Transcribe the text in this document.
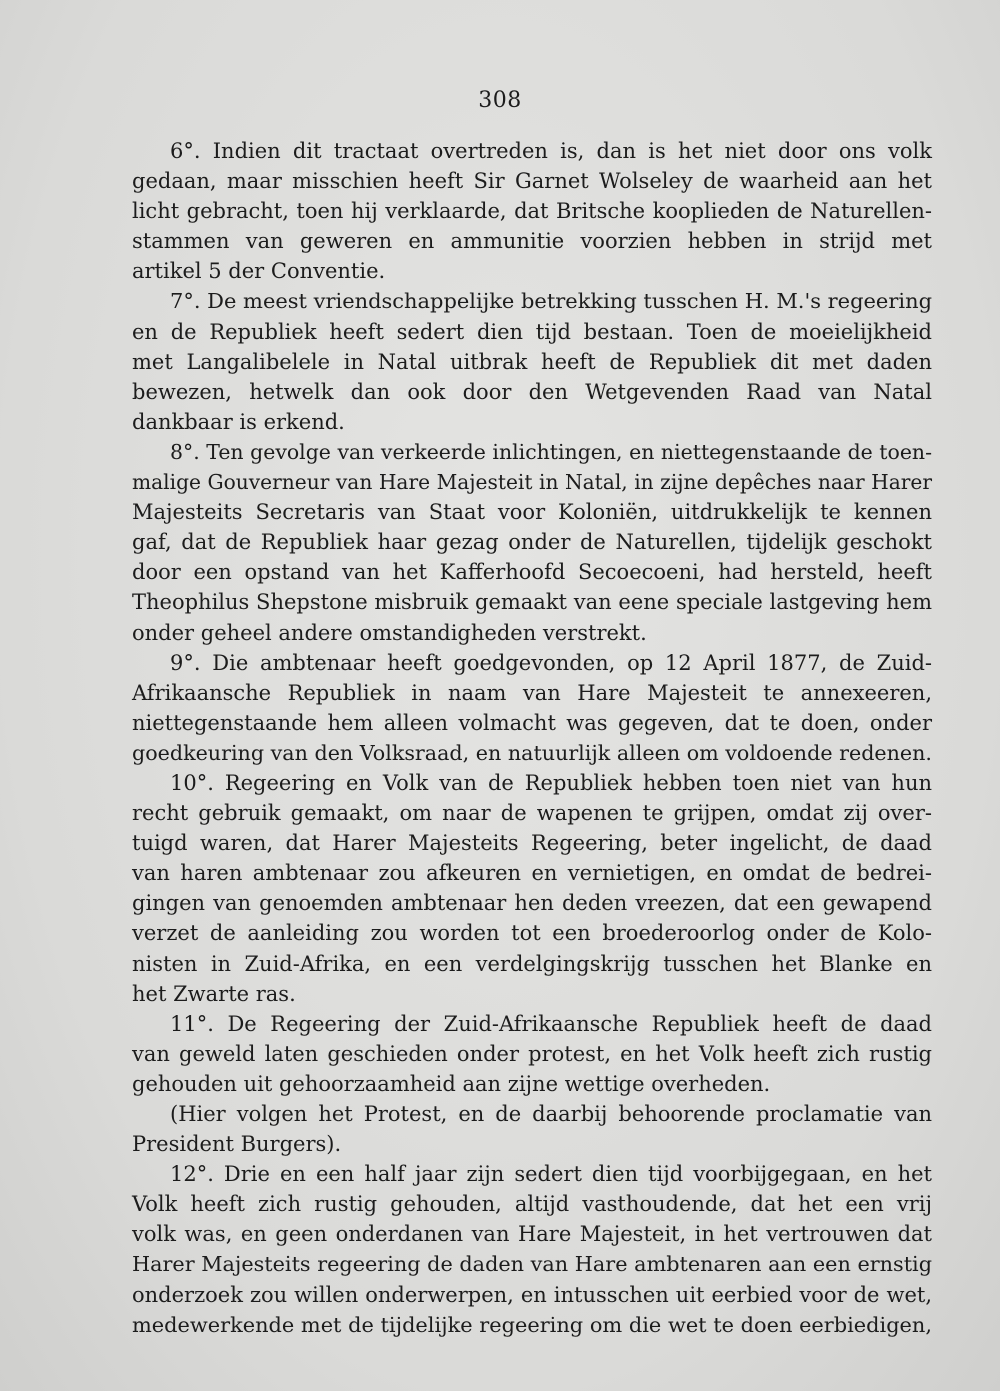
308
6°. Indien dit tractaat overtreden is, dan is het niet door ons volk
gedaan, maar misschien heeft Sir Garnet Wolseley de waarheid aan het
licht gebracht, toen hij verklaarde, dat Britsche kooplieden de Naturellen-
stammen van geweren en ammunitie voorzien hebben in strijd met
artikel 5 der Conventie.
7°. De meest vriendschappelijke betrekking tusschen H. M.'s regeering
en de Republiek heeft sedert dien tijd bestaan. Toen de moeielijkheid
met Langalibelele in Natal uitbrak heeft de Republiek dit met daden
bewezen, hetwelk dan ook door den Wetgevenden Raad van Natal
dankbaar is erkend.
8°. Ten gevolge van verkeerde inlichtingen, en niettegenstaande de toen-
malige Gouverneur van Hare Majesteit in Natal, in zijne depêches naar Harer
Majesteits Secretaris van Staat voor Koloniën, uitdrukkelijk te kennen
gaf, dat de Republiek haar gezag onder de Naturellen, tijdelijk geschokt
door een opstand van het Kafferhoofd Secoecoeni, had hersteld, heeft
Theophilus Shepstone misbruik gemaakt van eene speciale lastgeving hem
onder geheel andere omstandigheden verstrekt.
9°. Die ambtenaar heeft goedgevonden, op 12 April 1877, de Zuid-
Afrikaansche Republiek in naam van Hare Majesteit te annexeeren,
niettegenstaande hem alleen volmacht was gegeven, dat te doen, onder
goedkeuring van den Volksraad, en natuurlijk alleen om voldoende redenen.
10°. Regeering en Volk van de Republiek hebben toen niet van hun
recht gebruik gemaakt, om naar de wapenen te grijpen, omdat zij over-
tuigd waren, dat Harer Majesteits Regeering, beter ingelicht, de daad
van haren ambtenaar zou afkeuren en vernietigen, en omdat de bedrei-
gingen van genoemden ambtenaar hen deden vreezen, dat een gewapend
verzet de aanleiding zou worden tot een broederoorlog onder de Kolo-
nisten in Zuid-Afrika, en een verdelgingskrijg tusschen het Blanke en
het Zwarte ras.
11°. De Regeering der Zuid-Afrikaansche Republiek heeft de daad
van geweld laten geschieden onder protest, en het Volk heeft zich rustig
gehouden uit gehoorzaamheid aan zijne wettige overheden.
(Hier volgen het Protest, en de daarbij behoorende proclamatie van
President Burgers).
12°. Drie en een half jaar zijn sedert dien tijd voorbijgegaan, en het
Volk heeft zich rustig gehouden, altijd vasthoudende, dat het een vrij
volk was, en geen onderdanen van Hare Majesteit, in het vertrouwen dat
Harer Majesteits regeering de daden van Hare ambtenaren aan een ernstig
onderzoek zou willen onderwerpen, en intusschen uit eerbied voor de wet,
medewerkende met de tijdelijke regeering om die wet te doen eerbiedigen,
